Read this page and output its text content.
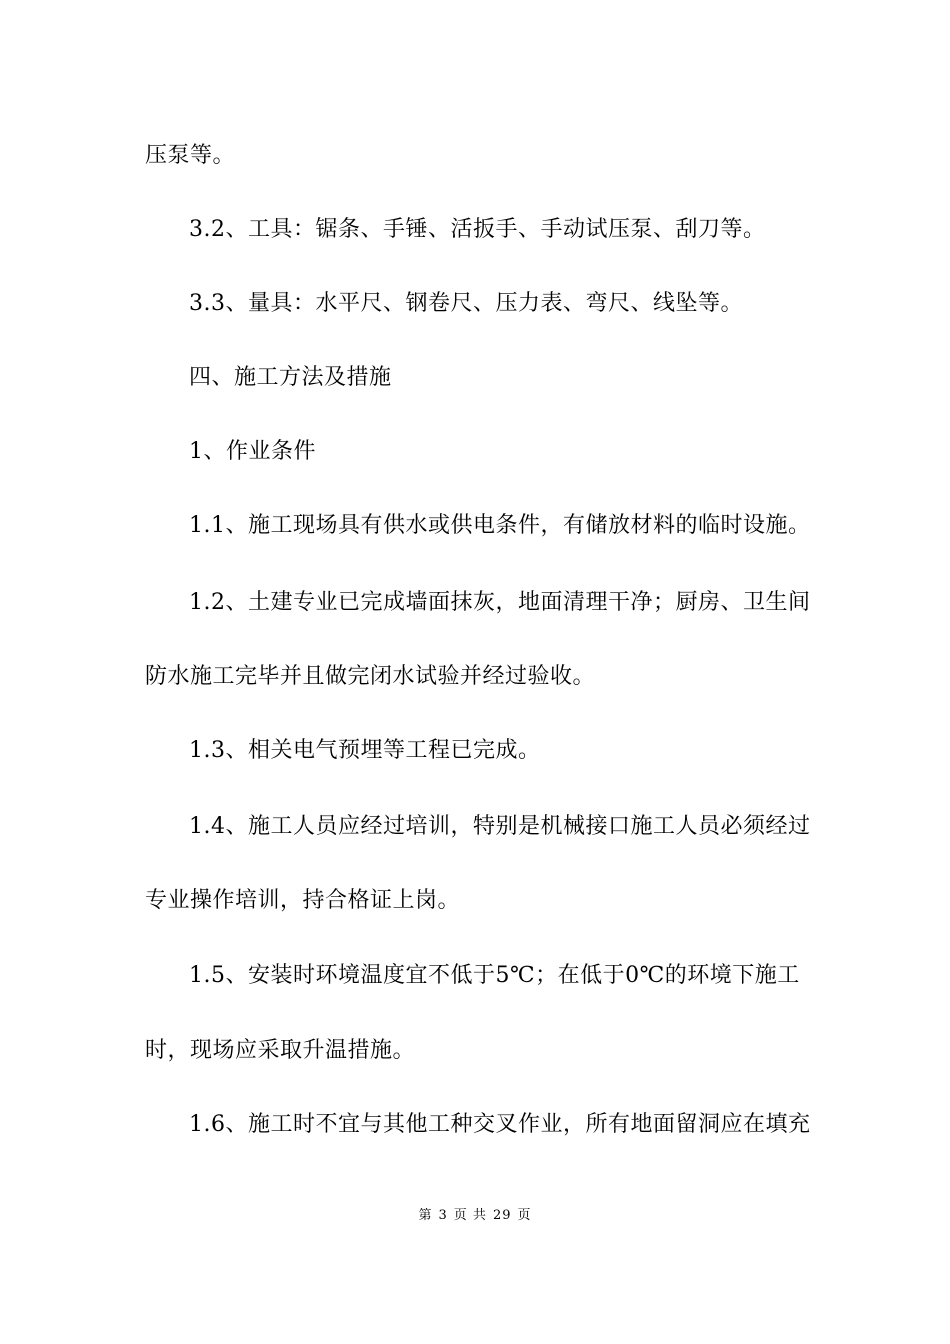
压泵等。
3.2、工具：锯条、手锤、活扳手、手动试压泵、刮刀等。
3.3、量具：水平尺、钢卷尺、压力表、弯尺、线坠等。
四、施工方法及措施
1、作业条件
1.1、施工现场具有供水或供电条件，有储放材料的临时设施。
1.2、土建专业已完成墙面抹灰，地面清理干净；厨房、卫生间
防水施工完毕并且做完闭水试验并经过验收。
1.3、相关电气预埋等工程已完成。
1.4、施工人员应经过培训，特别是机械接口施工人员必须经过
专业操作培训，持合格证上岗。
1.5、安装时环境温度宜不低于5℃；在低于0℃的环境下施工
时，现场应采取升温措施。
1.6、施工时不宜与其他工种交叉作业，所有地面留洞应在填充
第 3 页 共 29 页
